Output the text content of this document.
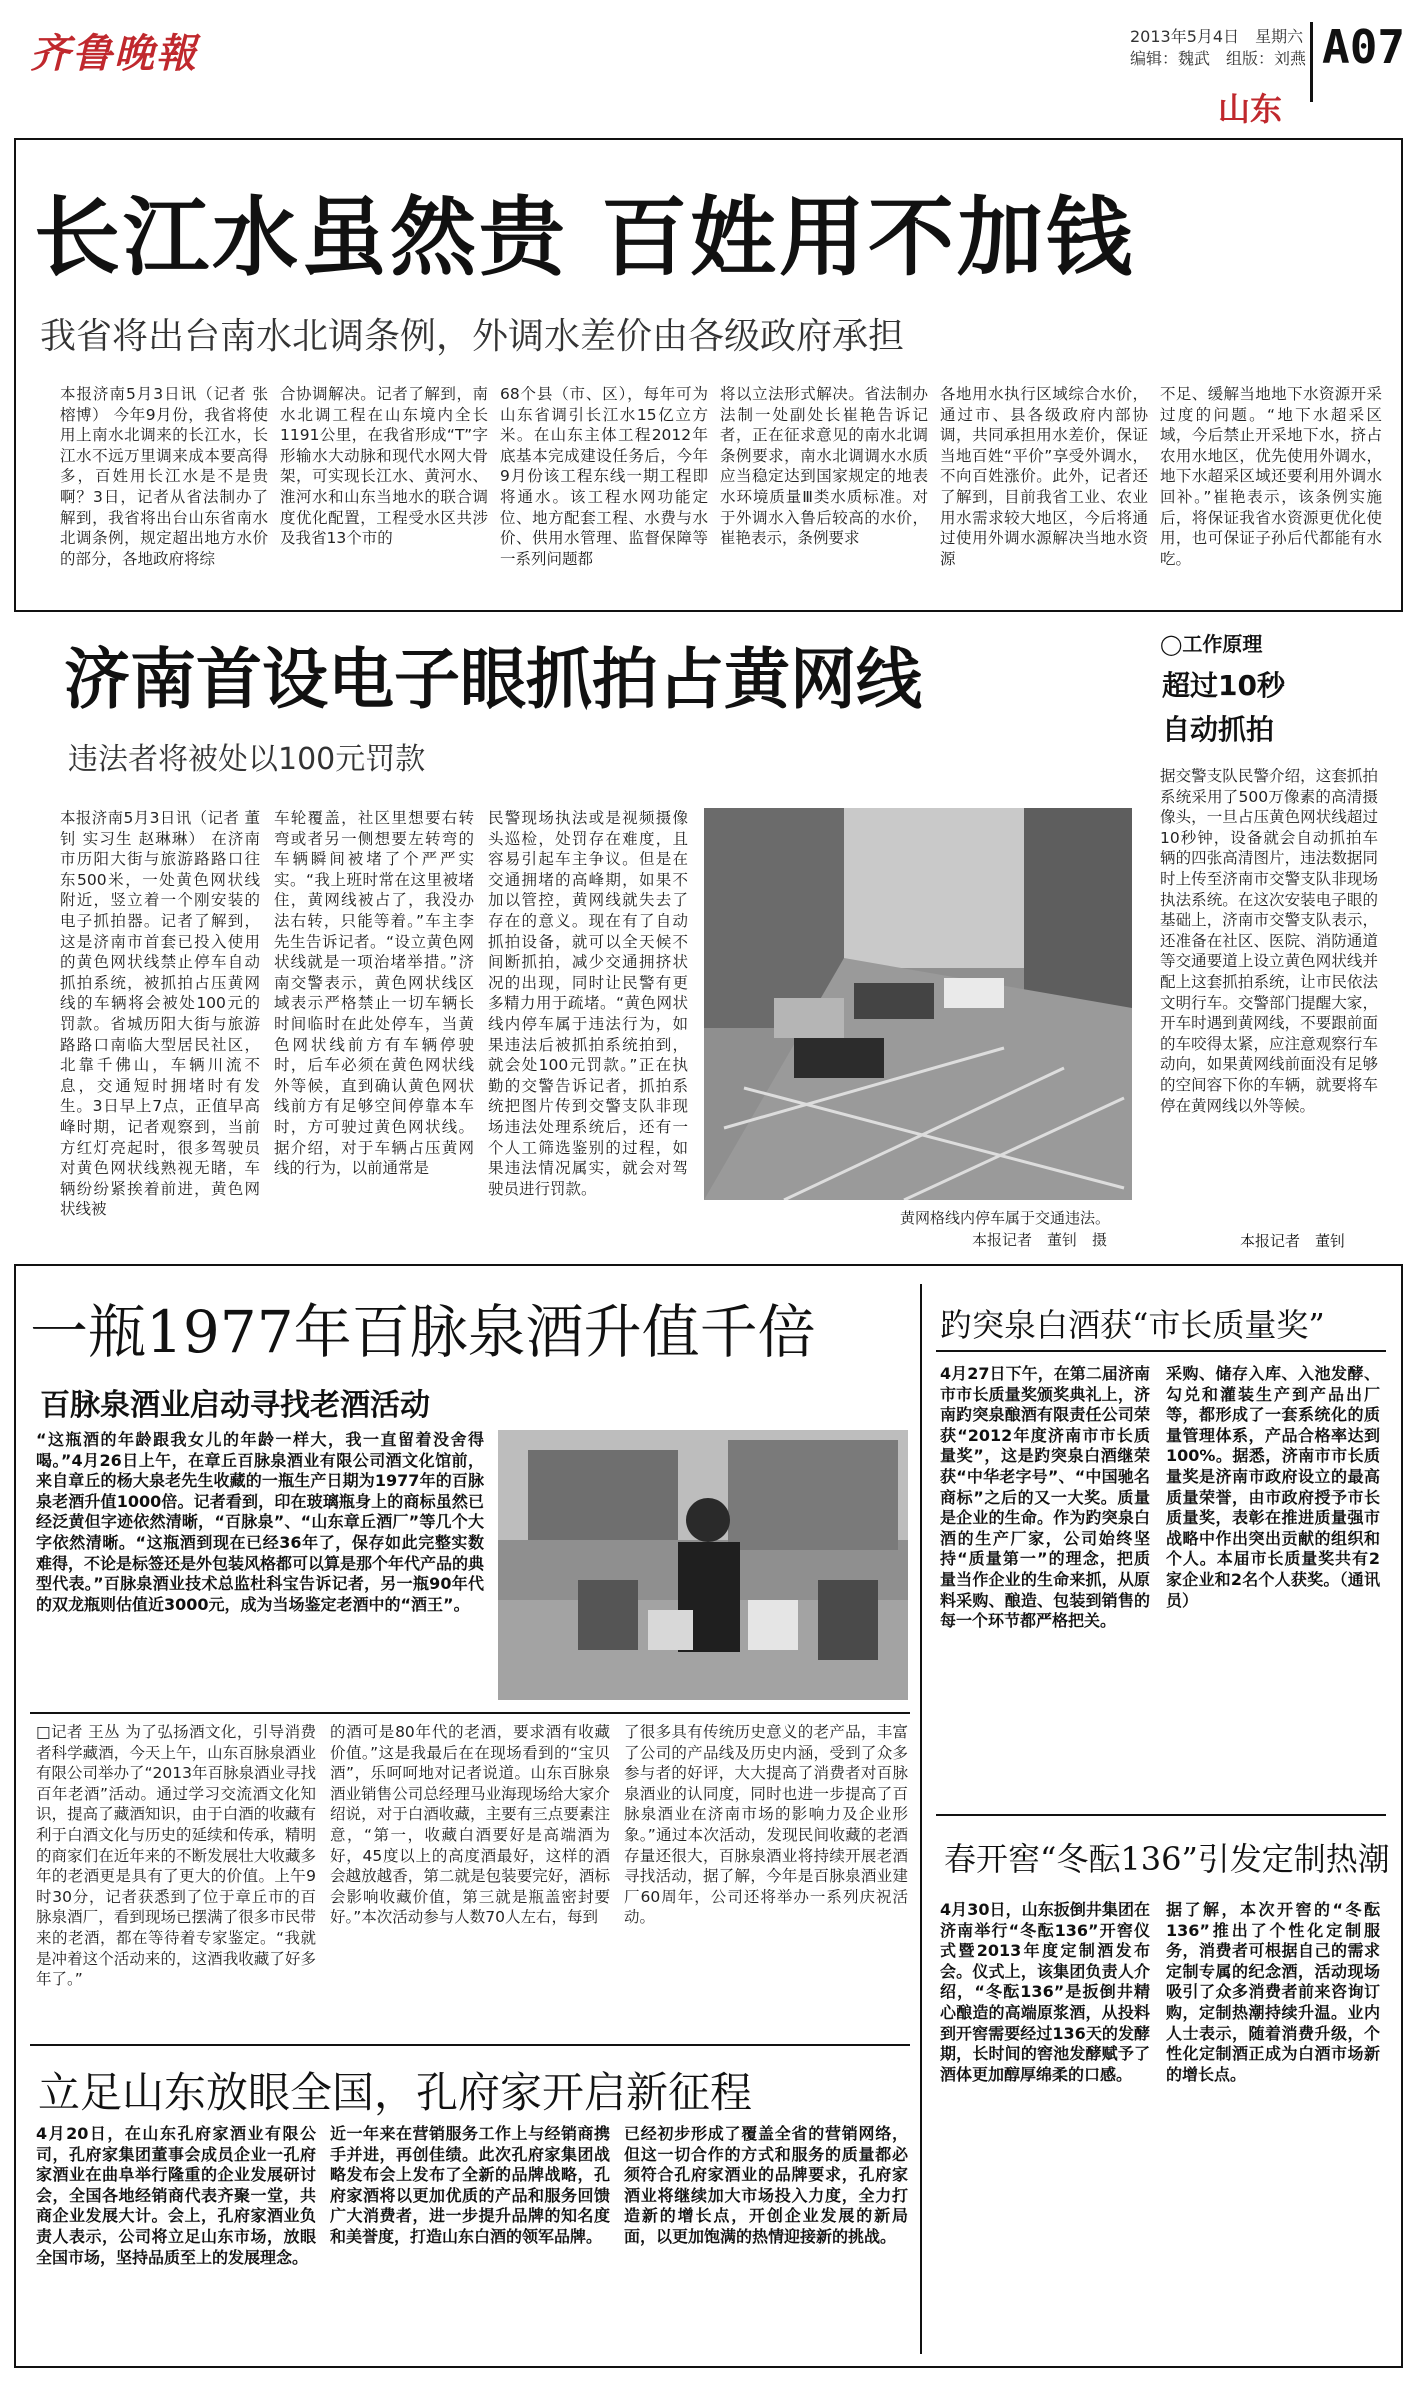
齐鲁晚報	2013年5月4日　星期六
编辑：魏武　组版：刘燕 A07
山东
长江水虽然贵 百姓用不加钱
我省将出台南水北调条例，外调水差价由各级政府承担
本报济南5月3日讯（记者 张榕博） 今年9月份，我省将使用上南水北调来的长江水，长江水不远万里调来成本要高得多，百姓用长江水是不是贵啊？3日，记者从省法制办了解到，我省将出台山东省南水北调条例，规定超出地方水价的部分，各地政府将综
合协调解决。记者了解到，南水北调工程在山东境内全长1191公里，在我省形成“T”字形输水大动脉和现代水网大骨架，可实现长江水、黄河水、淮河水和山东当地水的联合调度优化配置，工程受水区共涉及我省13个市的
68个县（市、区），每年可为山东省调引长江水15亿立方米。在山东主体工程2012年底基本完成建设任务后，今年9月份该工程东线一期工程即将通水。该工程水网功能定位、地方配套工程、水费与水价、供用水管理、监督保障等一系列问题都
将以立法形式解决。省法制办法制一处副处长崔艳告诉记者，正在征求意见的南水北调条例要求，南水北调调水水质应当稳定达到国家规定的地表水环境质量Ⅲ类水质标准。对于外调水入鲁后较高的水价，崔艳表示，条例要求
各地用水执行区域综合水价，通过市、县各级政府内部协调，共同承担用水差价，保证当地百姓“平价”享受外调水，不向百姓涨价。此外，记者还了解到，目前我省工业、农业用水需求较大地区，今后将通过使用外调水源解决当地水资源
不足、缓解当地地下水资源开采过度的问题。“地下水超采区域，今后禁止开采地下水，挤占农用水地区，优先使用外调水，地下水超采区域还要利用外调水回补。”崔艳表示，该条例实施后，将保证我省水资源更优化使用，也可保证子孙后代都能有水吃。
济南首设电子眼抓拍占黄网线
违法者将被处以100元罚款
◯工作原理
超过10秒
自动抓拍
本报济南5月3日讯（记者 董钊 实习生 赵琳琳） 在济南市历阳大街与旅游路路口往东500米，一处黄色网状线附近，竖立着一个刚安装的电子抓拍器。记者了解到，这是济南市首套已投入使用的黄色网状线禁止停车自动抓拍系统，被抓拍占压黄网线的车辆将会被处100元的罚款。省城历阳大街与旅游路路口南临大型居民社区，北靠千佛山，车辆川流不息，交通短时拥堵时有发生。3日早上7点，正值早高峰时期，记者观察到，当前方红灯亮起时，很多驾驶员对黄色网状线熟视无睹，车辆纷纷紧挨着前进，黄色网状线被
车轮覆盖，社区里想要右转弯或者另一侧想要左转弯的车辆瞬间被堵了个严严实实。“我上班时常在这里被堵住，黄网线被占了，我没办法右转，只能等着。”车主李先生告诉记者。“设立黄色网状线就是一项治堵举措。”济南交警表示，黄色网状线区域表示严格禁止一切车辆长时间临时在此处停车，当黄色网状线前方有车辆停驶时，后车必须在黄色网状线外等候，直到确认黄色网状线前方有足够空间停靠本车时，方可驶过黄色网状线。据介绍，对于车辆占压黄网线的行为，以前通常是
民警现场执法或是视频摄像头巡检，处罚存在难度，且容易引起车主争议。但是在交通拥堵的高峰期，如果不加以管控，黄网线就失去了存在的意义。现在有了自动抓拍设备，就可以全天候不间断抓拍，减少交通拥挤状况的出现，同时让民警有更多精力用于疏堵。“黄色网状线内停车属于违法行为，如果违法后被抓拍系统拍到，就会处100元罚款。”正在执勤的交警告诉记者，抓拍系统把图片传到交警支队非现场违法处理系统后，还有一个人工筛选鉴别的过程，如果违法情况属实，就会对驾驶员进行罚款。
黄网格线内停车属于交通违法。
本报记者　董钊　摄
据交警支队民警介绍，这套抓拍系统采用了500万像素的高清摄像头，一旦占压黄色网状线超过10秒钟，设备就会自动抓拍车辆的四张高清图片，违法数据同时上传至济南市交警支队非现场执法系统。在这次安装电子眼的基础上，济南市交警支队表示，还准备在社区、医院、消防通道等交通要道上设立黄色网状线并配上这套抓拍系统，让市民依法文明行车。交警部门提醒大家，开车时遇到黄网线，不要跟前面的车咬得太紧，应注意观察行车动向，如果黄网线前面没有足够的空间容下你的车辆，就要将车停在黄网线以外等候。
本报记者　董钊
一瓶1977年百脉泉酒升值千倍
百脉泉酒业启动寻找老酒活动
“这瓶酒的年龄跟我女儿的年龄一样大，我一直留着没舍得喝。”4月26日上午，在章丘百脉泉酒业有限公司酒文化馆前，来自章丘的杨大泉老先生收藏的一瓶生产日期为1977年的百脉泉老酒升值1000倍。记者看到，印在玻璃瓶身上的商标虽然已经泛黄但字迹依然清晰，“百脉泉”、“山东章丘酒厂”等几个大字依然清晰。“这瓶酒到现在已经36年了，保存如此完整实数难得，不论是标签还是外包装风格都可以算是那个年代产品的典型代表。”百脉泉酒业技术总监杜科宝告诉记者，另一瓶90年代的双龙瓶则估值近3000元，成为当场鉴定老酒中的“酒王”。
□记者 王丛 为了弘扬酒文化，引导消费者科学藏酒，今天上午，山东百脉泉酒业有限公司举办了“2013年百脉泉酒业寻找百年老酒”活动。通过学习交流酒文化知识，提高了藏酒知识，由于白酒的收藏有利于白酒文化与历史的延续和传承，精明的商家们在近年来的不断发展壮大收藏多年的老酒更是具有了更大的价值。上午9时30分，记者获悉到了位于章丘市的百脉泉酒厂，看到现场已摆满了很多市民带来的老酒，都在等待着专家鉴定。“我就是冲着这个活动来的，这酒我收藏了好多年了。”
的酒可是80年代的老酒，要求酒有收藏价值。”这是我最后在在现场看到的“宝贝酒”，乐呵呵地对记者说道。山东百脉泉酒业销售公司总经理马业海现场给大家介绍说，对于白酒收藏，主要有三点要素注意，“第一，收藏白酒要好是高端酒为好，45度以上的高度酒最好，这样的酒会越放越香，第二就是包装要完好，酒标会影响收藏价值，第三就是瓶盖密封要好。”本次活动参与人数70人左右，每到
了很多具有传统历史意义的老产品，丰富了公司的产品线及历史内涵，受到了众多参与者的好评，大大提高了消费者对百脉泉酒业的认同度，同时也进一步提高了百脉泉酒业在济南市场的影响力及企业形象。”通过本次活动，发现民间收藏的老酒存量还很大，百脉泉酒业将持续开展老酒寻找活动，据了解，今年是百脉泉酒业建厂60周年，公司还将举办一系列庆祝活动。
趵突泉白酒获“市长质量奖”
4月27日下午，在第二届济南市市长质量奖颁奖典礼上，济南趵突泉酿酒有限责任公司荣获“2012年度济南市市长质量奖”，这是趵突泉白酒继荣获“中华老字号”、“中国驰名商标”之后的又一大奖。质量是企业的生命。作为趵突泉白酒的生产厂家，公司始终坚持“质量第一”的理念，把质量当作企业的生命来抓，从原料采购、酿造、包装到销售的每一个环节都严格把关。
采购、储存入库、入池发酵、勾兑和灌装生产到产品出厂等，都形成了一套系统化的质量管理体系，产品合格率达到100%。据悉，济南市市长质量奖是济南市政府设立的最高质量荣誉，由市政府授予市长质量奖，表彰在推进质量强市战略中作出突出贡献的组织和个人。本届市长质量奖共有2家企业和2名个人获奖。（通讯员）
春开窖“冬酝136”引发定制热潮
4月30日，山东扳倒井集团在济南举行“冬酝136”开窖仪式暨2013年度定制酒发布会。仪式上，该集团负责人介绍，“冬酝136”是扳倒井精心酿造的高端原浆酒，从投料到开窖需要经过136天的发酵期，长时间的窖池发酵赋予了酒体更加醇厚绵柔的口感。
据了解，本次开窖的“冬酝136”推出了个性化定制服务，消费者可根据自己的需求定制专属的纪念酒，活动现场吸引了众多消费者前来咨询订购，定制热潮持续升温。业内人士表示，随着消费升级，个性化定制酒正成为白酒市场新的增长点。
立足山东放眼全国，孔府家开启新征程
4月20日，在山东孔府家酒业有限公司，孔府家集团董事会成员企业一孔府家酒业在曲阜举行隆重的企业发展研讨会，全国各地经销商代表齐聚一堂，共商企业发展大计。会上，孔府家酒业负责人表示，公司将立足山东市场，放眼全国市场，坚持品质至上的发展理念。
近一年来在营销服务工作上与经销商携手并进，再创佳绩。此次孔府家集团战略发布会上发布了全新的品牌战略，孔府家酒将以更加优质的产品和服务回馈广大消费者，进一步提升品牌的知名度和美誉度，打造山东白酒的领军品牌。
已经初步形成了覆盖全省的营销网络，但这一切合作的方式和服务的质量都必须符合孔府家酒业的品牌要求，孔府家酒业将继续加大市场投入力度，全力打造新的增长点，开创企业发展的新局面，以更加饱满的热情迎接新的挑战。
